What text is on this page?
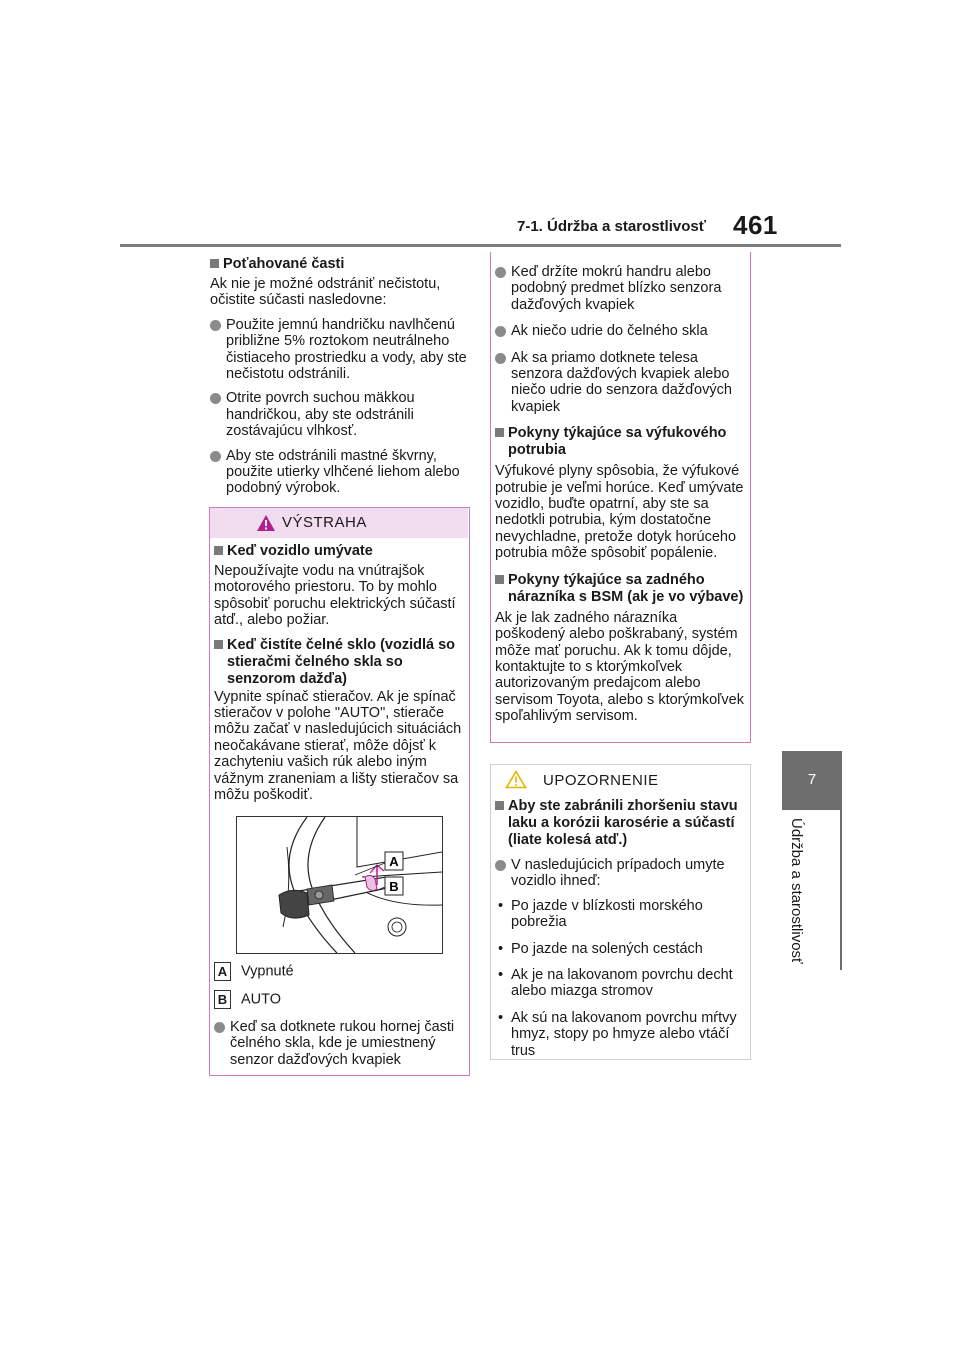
7-1. Údržba a starostlivosť 461
7
Údržba a starostlivosť

Poťahované časti

Ak nie je možné odstrániť nečistotu, očistite súčasti nasledovne:

Použite jemnú handričku navlhčenú približne 5% roztokom neutrálneho čistiaceho prostriedku a vody, aby ste nečistotu odstránili.

Otrite povrch suchou mäkkou handričkou, aby ste odstránili zostávajúcu vlhkosť.

Aby ste odstránili mastné škvrny, použite utierky vlhčené liehom alebo podobný výrobok.

VÝSTRAHA

Keď vozidlo umývate

Nepoužívajte vodu na vnútrajšok motorového priestoru. To by mohlo spôsobiť poruchu elektrických súčastí atď., alebo požiar.

Keď čistíte čelné sklo (vozidlá so stieračmi čelného skla so senzorom dažďa)

Vypnite spínač stieračov. Ak je spínač stieračov v polohe "AUTO", stierače môžu začať v nasledujúcich situáciách neočakávane stierať, môže dôjsť k zachyteniu vašich rúk alebo iným vážnym zraneniam a lišty stieračov sa môžu poškodiť.

A
B
A Vypnuté
B AUTO

Keď sa dotknete rukou hornej časti čelného skla, kde je umiestnený senzor dažďových kvapiek

Keď držíte mokrú handru alebo podobný predmet blízko senzora dažďových kvapiek

Ak niečo udrie do čelného skla

Ak sa priamo dotknete telesa senzora dažďových kvapiek alebo niečo udrie do senzora dažďových kvapiek

Pokyny týkajúce sa výfukového potrubia

Výfukové plyny spôsobia, že výfukové potrubie je veľmi horúce. Keď umývate vozidlo, buďte opatrní, aby ste sa nedotkli potrubia, kým dostatočne nevychladne, pretože dotyk horúceho potrubia môže spôsobiť popálenie.

Pokyny týkajúce sa zadného nárazníka s BSM (ak je vo výbave)

Ak je lak zadného nárazníka poškodený alebo poškrabaný, systém môže mať poruchu. Ak k tomu dôjde, kontaktujte to s ktorýmkoľvek autorizovaným predajcom alebo servisom Toyota, alebo s ktorýmkoľvek spoľahlivým servisom.

UPOZORNENIE

Aby ste zabránili zhoršeniu stavu laku a korózii karosérie a súčastí (liate kolesá atď.)

V nasledujúcich prípadoch umyte vozidlo ihneď:

• Po jazde v blízkosti morského pobrežia

• Po jazde na solených cestách

• Ak je na lakovanom povrchu decht alebo miazga stromov

• Ak sú na lakovanom povrchu mŕtvy hmyz, stopy po hmyze alebo vtáčí trus
